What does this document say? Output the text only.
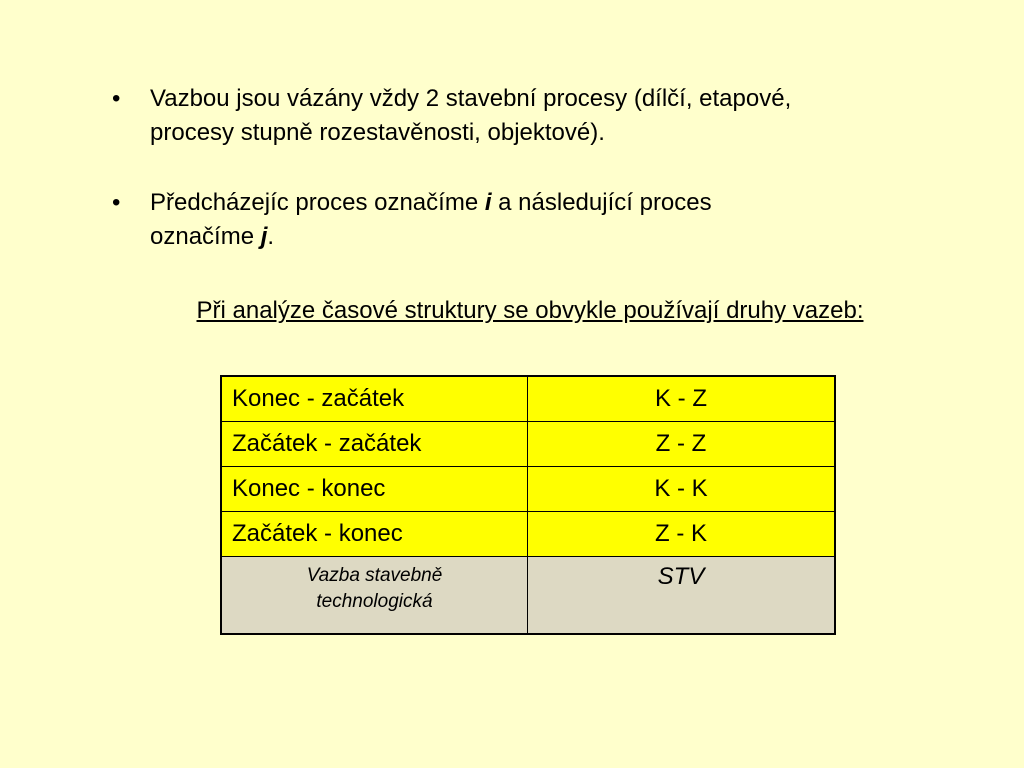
•	Vazbou jsou vázány vždy 2 stavební procesy (dílčí, etapové,
procesy stupně rozestavěnosti, objektové).
•	Předcházejíc proces označíme i a následující proces
označíme j.
Při analýze časové struktury se obvykle používají druhy vazeb:
Konec - začátek	K - Z
Začátek - začátek	Z - Z
Konec - konec	K - K
Začátek - konec	Z - K
Vazba stavebně
technologická	STV
